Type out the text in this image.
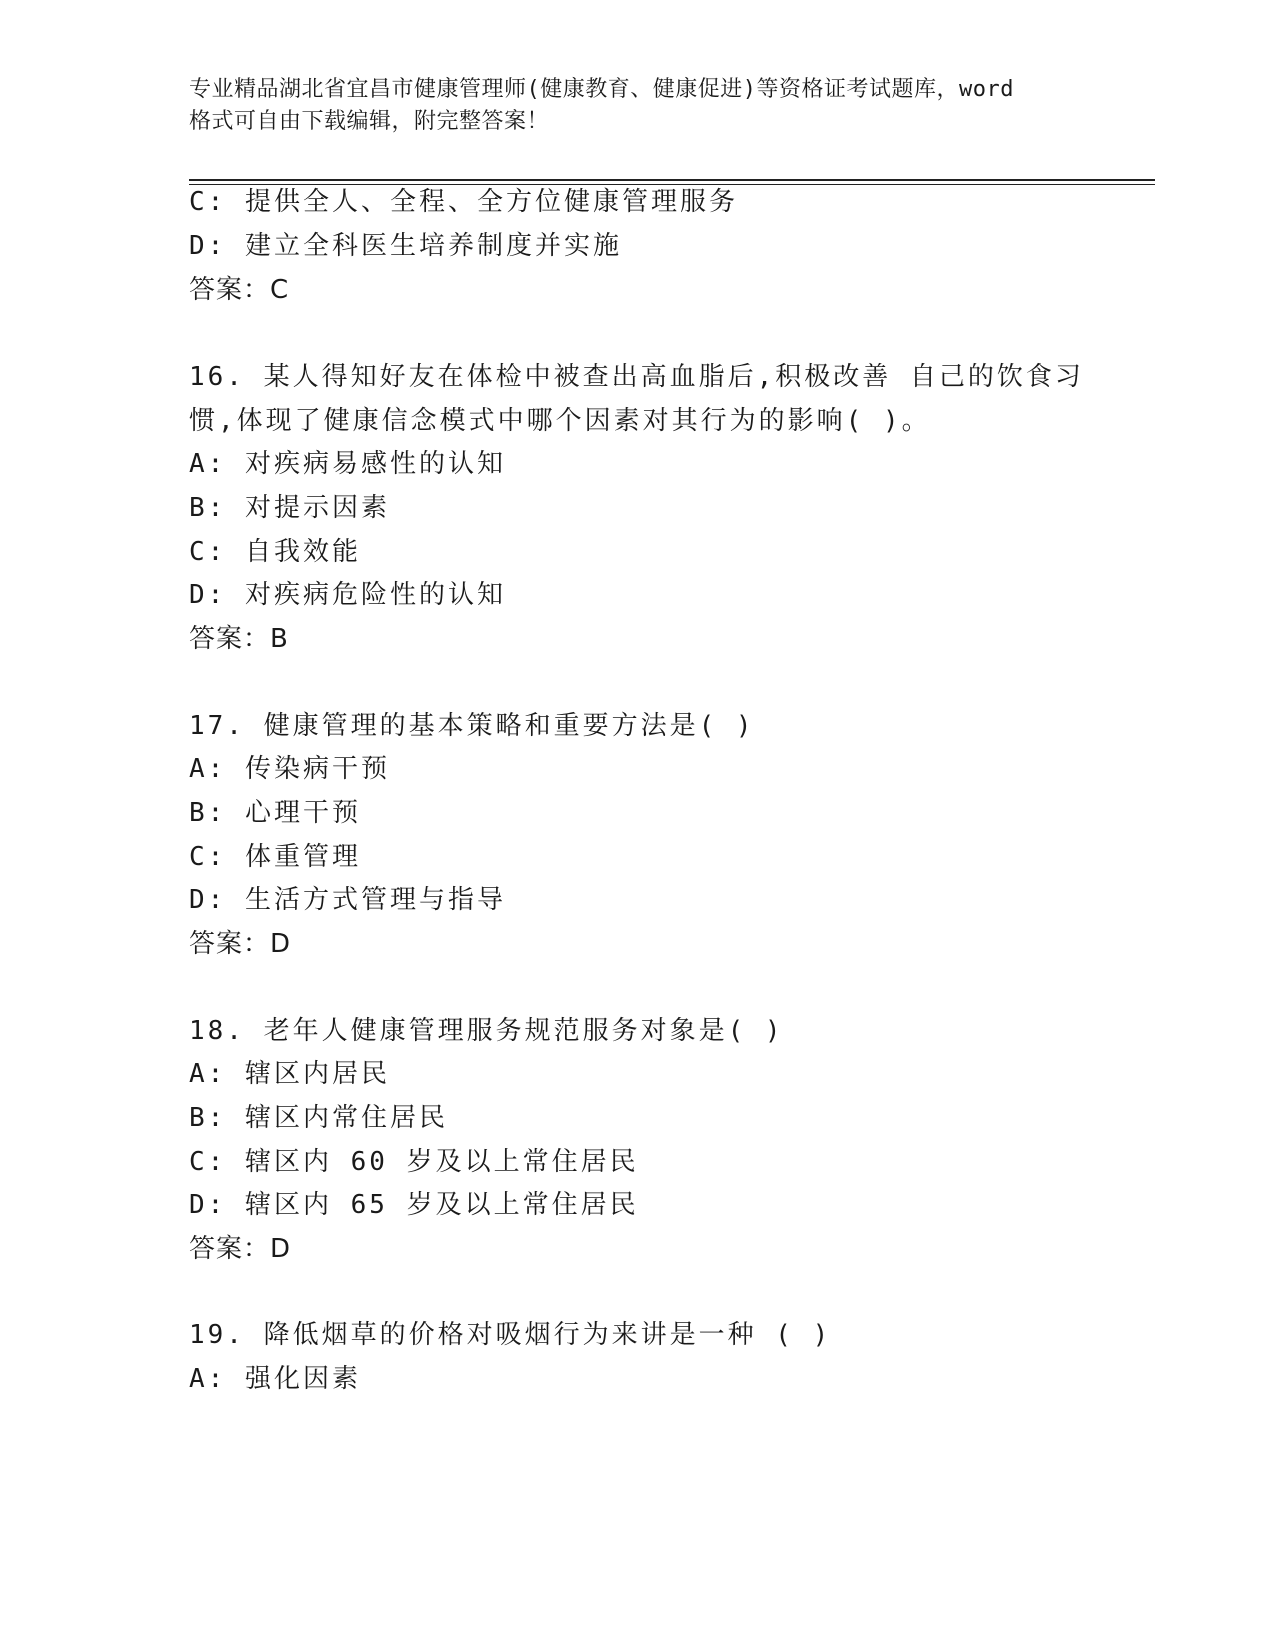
专业精品湖北省宜昌市健康管理师(健康教育、健康促进)等资格证考试题库，word
格式可自由下载编辑，附完整答案！
C: 提供全人、全程、全方位健康管理服务
D: 建立全科医生培养制度并实施
答案：C
16. 某人得知好友在体检中被查出高血脂后,积极改善 自己的饮食习
惯,体现了健康信念模式中哪个因素对其行为的影响( )。
A: 对疾病易感性的认知
B: 对提示因素
C: 自我效能
D: 对疾病危险性的认知
答案：B
17. 健康管理的基本策略和重要方法是( )
A: 传染病干预
B: 心理干预
C: 体重管理
D: 生活方式管理与指导
答案：D
18. 老年人健康管理服务规范服务对象是( )
A: 辖区内居民
B: 辖区内常住居民
C: 辖区内 60 岁及以上常住居民
D: 辖区内 65 岁及以上常住居民
答案：D
19. 降低烟草的价格对吸烟行为来讲是一种 ( )
A: 强化因素
